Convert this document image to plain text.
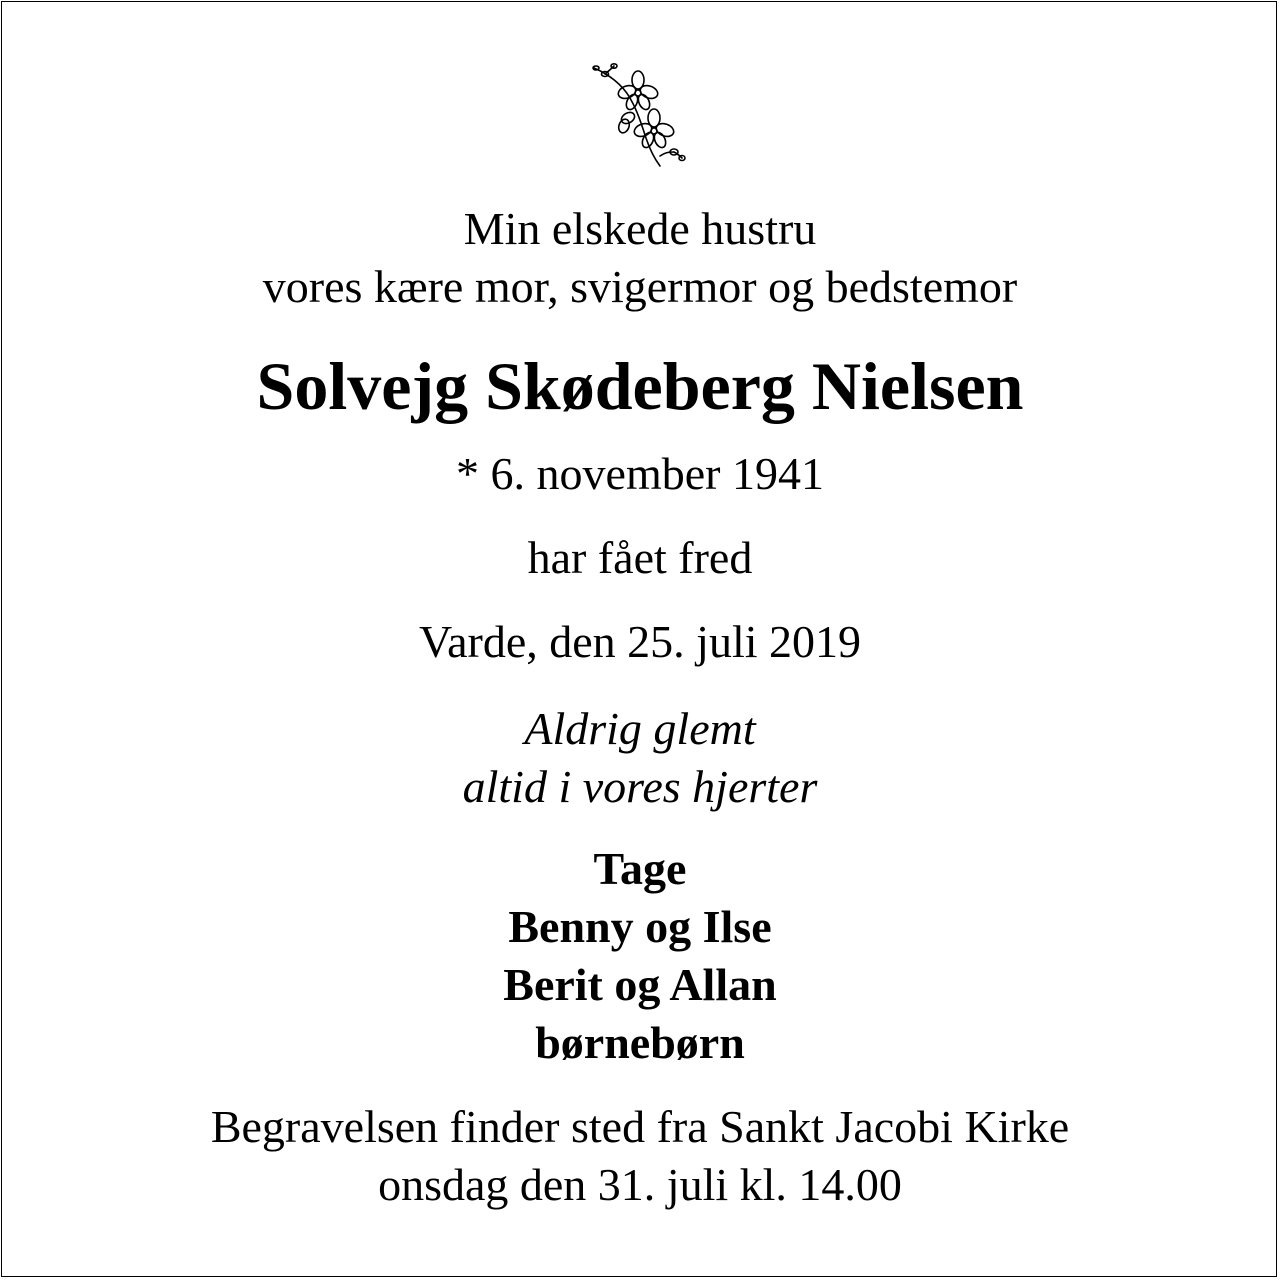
Min elskede hustru
vores kære mor, svigermor og bedstemor

Solvejg Skødeberg Nielsen

* 6. november 1941

har fået fred

Varde, den 25. juli 2019

Aldrig glemt
altid i vores hjerter

Tage
Benny og Ilse
Berit og Allan
børnebørn

Begravelsen finder sted fra Sankt Jacobi Kirke
onsdag den 31. juli kl. 14.00
